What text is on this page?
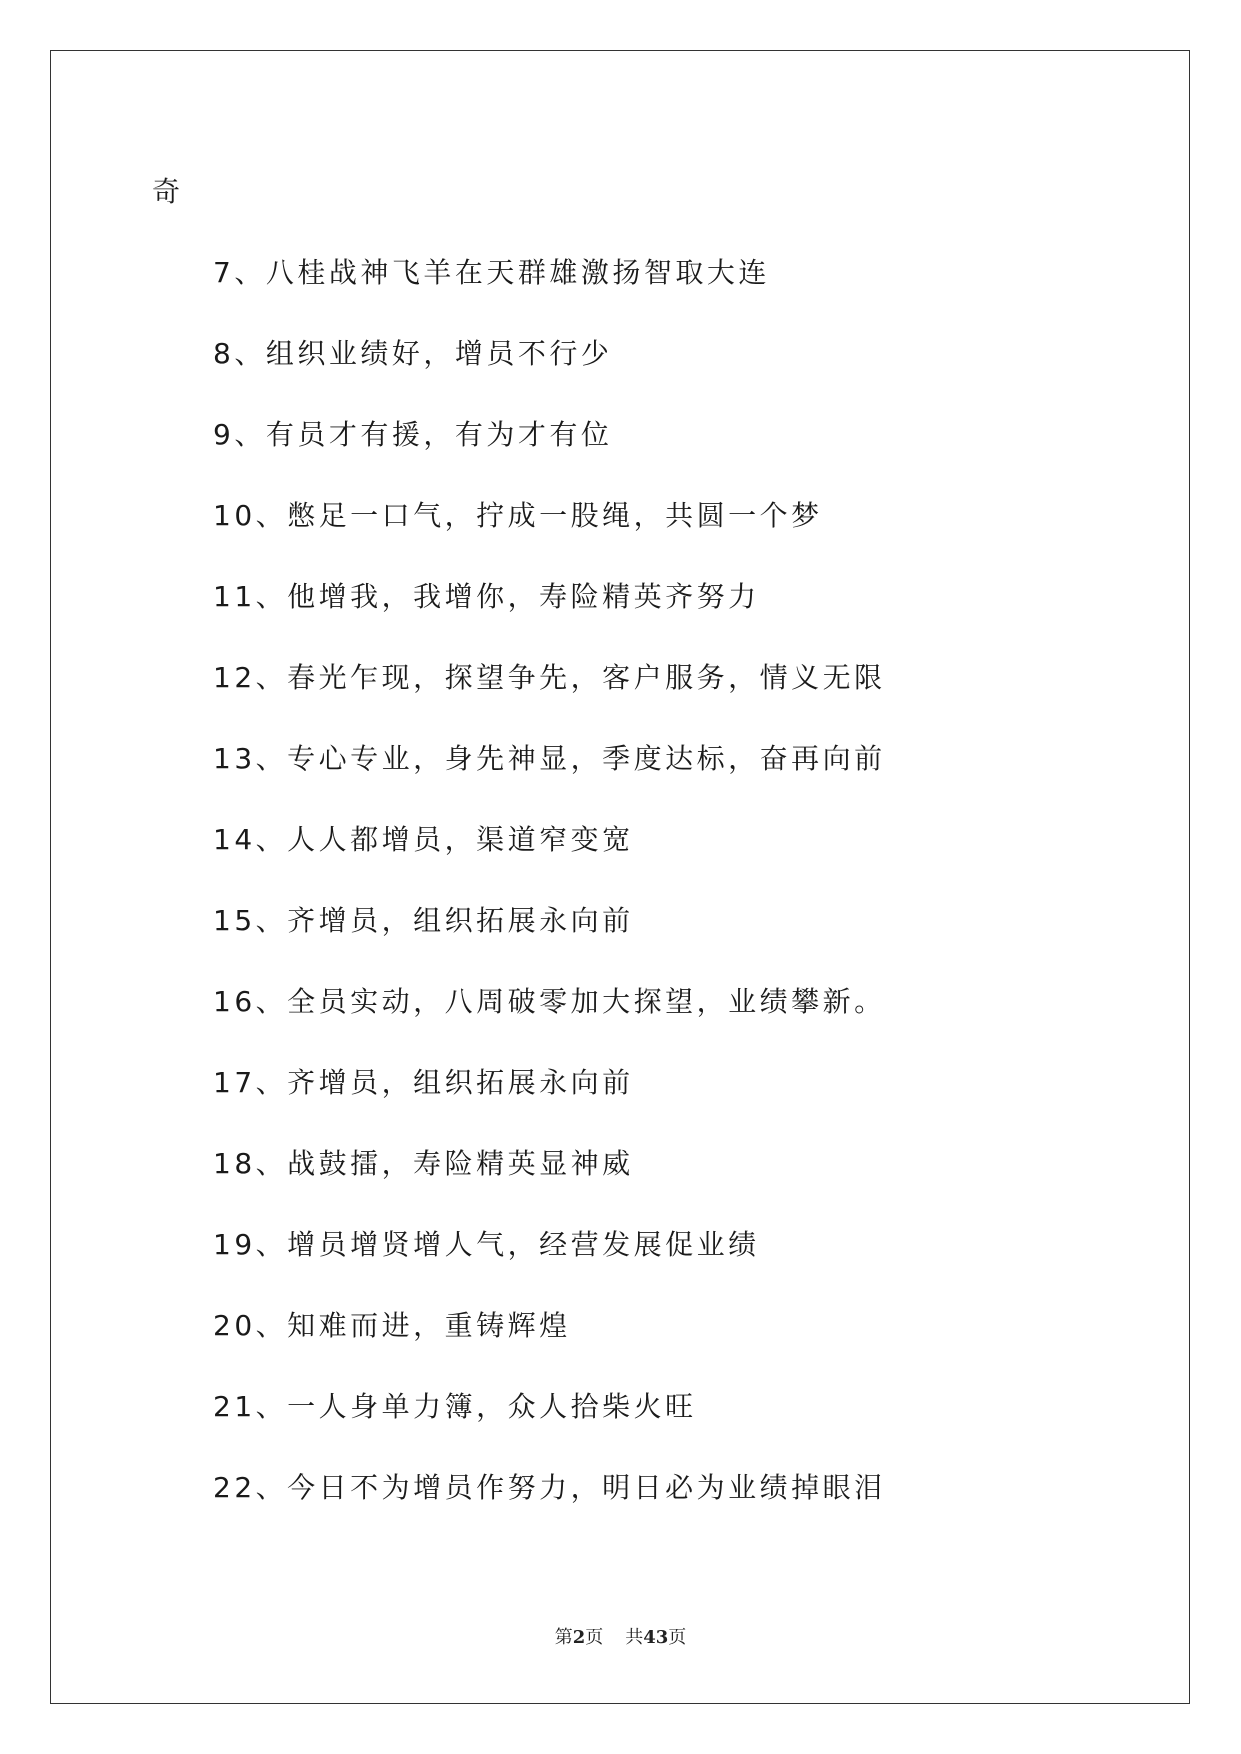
奇
7、八桂战神飞羊在天群雄激扬智取大连
8、组织业绩好，增员不行少
9、有员才有援，有为才有位
10、憋足一口气，拧成一股绳，共圆一个梦
11、他增我，我增你，寿险精英齐努力
12、春光乍现，探望争先，客户服务，情义无限
13、专心专业，身先神显，季度达标，奋再向前
14、人人都增员，渠道窄变宽
15、齐增员，组织拓展永向前
16、全员实动，八周破零加大探望，业绩攀新。
17、齐增员，组织拓展永向前
18、战鼓擂，寿险精英显神威
19、增员增贤增人气，经营发展促业绩
20、知难而进，重铸辉煌
21、一人身单力簿，众人拾柴火旺
22、今日不为增员作努力，明日必为业绩掉眼泪
第2页 共43页
